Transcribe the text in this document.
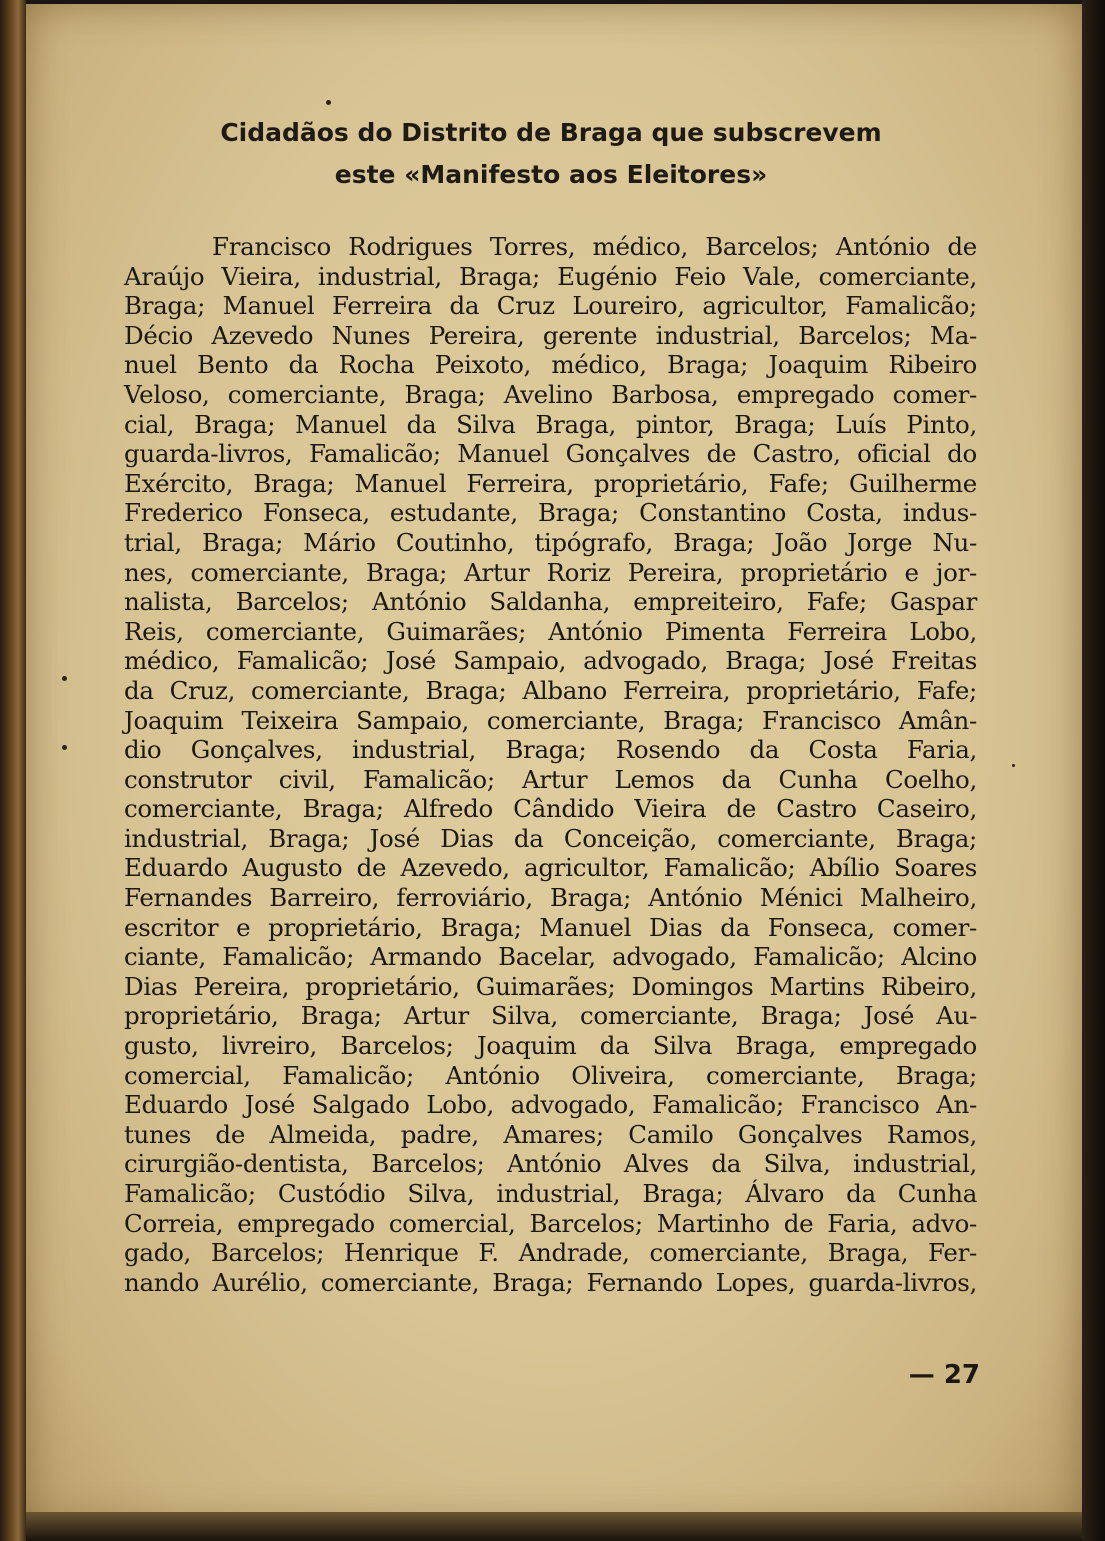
Cidadãos do Distrito de Braga que subscrevem
este «Manifesto aos Eleitores»
Francisco Rodrigues Torres, médico, Barcelos; António de
Araújo Vieira, industrial, Braga; Eugénio Feio Vale, comerciante,
Braga; Manuel Ferreira da Cruz Loureiro, agricultor, Famalicão;
Décio Azevedo Nunes Pereira, gerente industrial, Barcelos; Ma-
nuel Bento da Rocha Peixoto, médico, Braga; Joaquim Ribeiro
Veloso, comerciante, Braga; Avelino Barbosa, empregado comer-
cial, Braga; Manuel da Silva Braga, pintor, Braga; Luís Pinto,
guarda-livros, Famalicão; Manuel Gonçalves de Castro, oficial do
Exército, Braga; Manuel Ferreira, proprietário, Fafe; Guilherme
Frederico Fonseca, estudante, Braga; Constantino Costa, indus-
trial, Braga; Mário Coutinho, tipógrafo, Braga; João Jorge Nu-
nes, comerciante, Braga; Artur Roriz Pereira, proprietário e jor-
nalista, Barcelos; António Saldanha, empreiteiro, Fafe; Gaspar
Reis, comerciante, Guimarães; António Pimenta Ferreira Lobo,
médico, Famalicão; José Sampaio, advogado, Braga; José Freitas
da Cruz, comerciante, Braga; Albano Ferreira, proprietário, Fafe;
Joaquim Teixeira Sampaio, comerciante, Braga; Francisco Amân-
dio Gonçalves, industrial, Braga; Rosendo da Costa Faria,
construtor civil, Famalicão; Artur Lemos da Cunha Coelho,
comerciante, Braga; Alfredo Cândido Vieira de Castro Caseiro,
industrial, Braga; José Dias da Conceição, comerciante, Braga;
Eduardo Augusto de Azevedo, agricultor, Famalicão; Abílio Soares
Fernandes Barreiro, ferroviário, Braga; António Ménici Malheiro,
escritor e proprietário, Braga; Manuel Dias da Fonseca, comer-
ciante, Famalicão; Armando Bacelar, advogado, Famalicão; Alcino
Dias Pereira, proprietário, Guimarães; Domingos Martins Ribeiro,
proprietário, Braga; Artur Silva, comerciante, Braga; José Au-
gusto, livreiro, Barcelos; Joaquim da Silva Braga, empregado
comercial, Famalicão; António Oliveira, comerciante, Braga;
Eduardo José Salgado Lobo, advogado, Famalicão; Francisco An-
tunes de Almeida, padre, Amares; Camilo Gonçalves Ramos,
cirurgião-dentista, Barcelos; António Alves da Silva, industrial,
Famalicão; Custódio Silva, industrial, Braga; Álvaro da Cunha
Correia, empregado comercial, Barcelos; Martinho de Faria, advo-
gado, Barcelos; Henrique F. Andrade, comerciante, Braga, Fer-
nando Aurélio, comerciante, Braga; Fernando Lopes, guarda-livros,
— 27
